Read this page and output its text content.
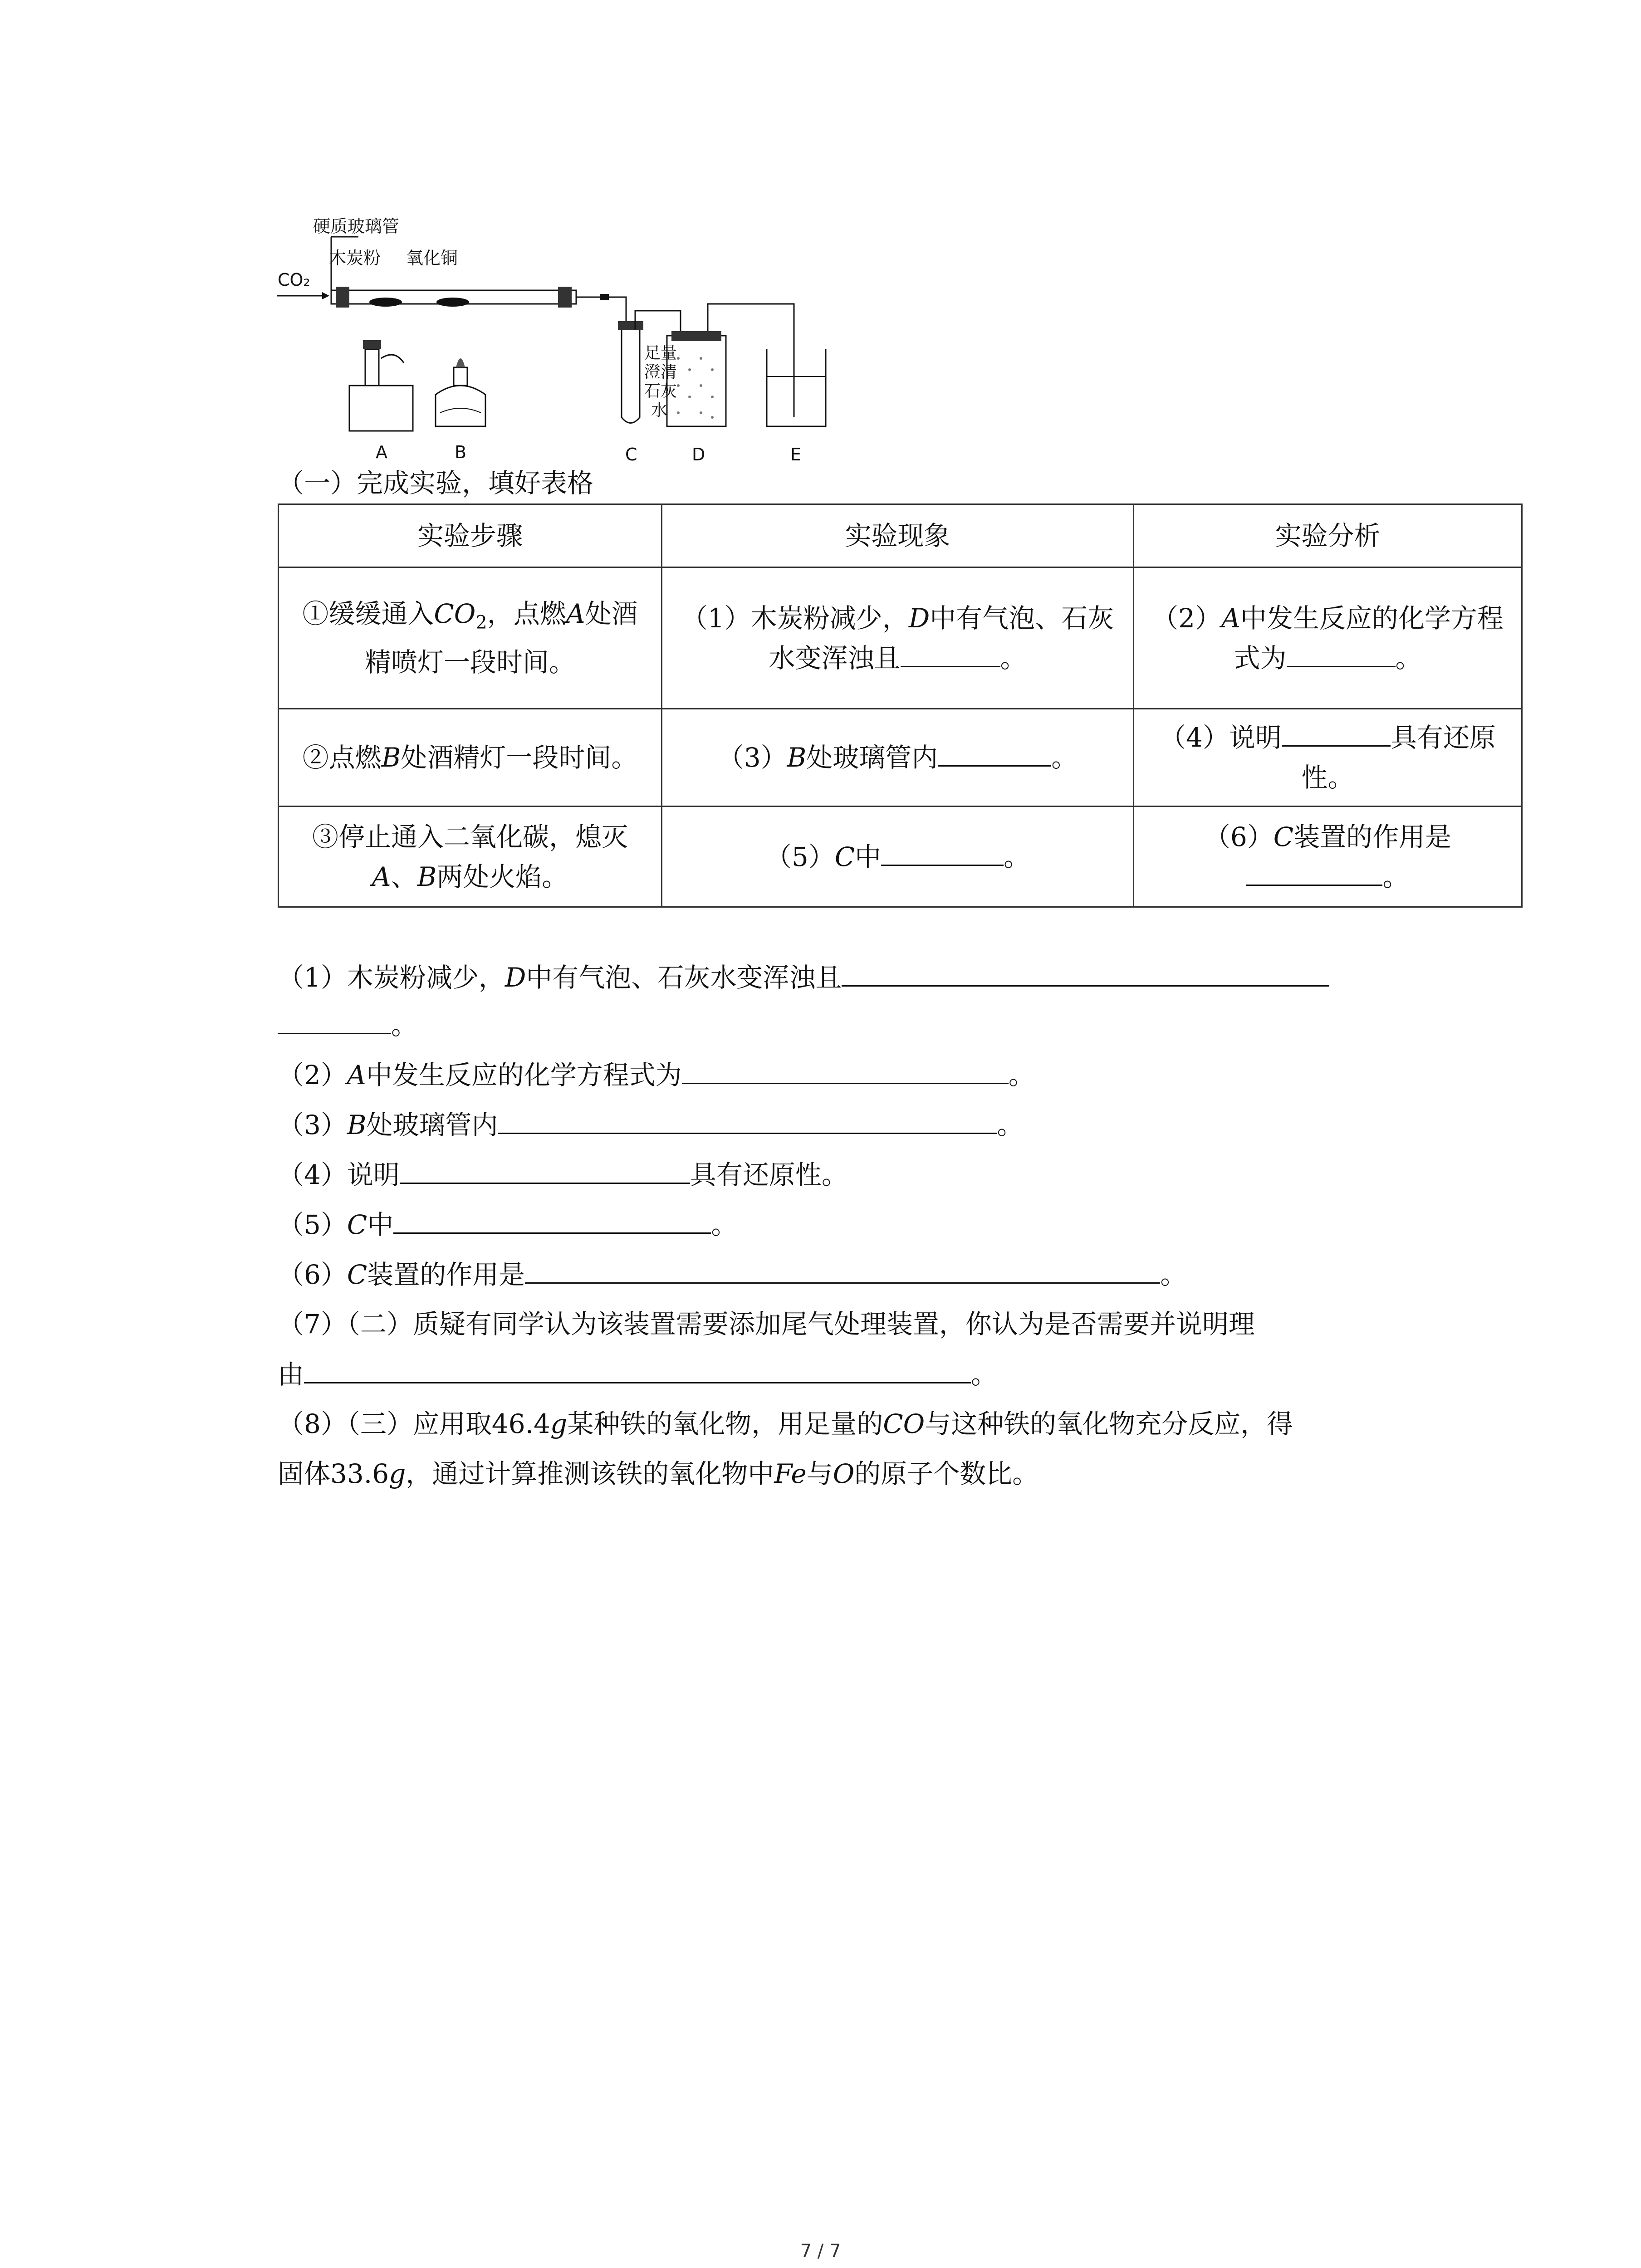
硬质玻璃管
木炭粉 氧化铜
CO₂
足量
澄清
石灰
水
A	B	C	D	E
（一）完成实验，填好表格
实验步骤	实验现象	实验分析
①缓缓通入$CO_2$，点燃A处酒精喷灯一段时间。	（1）木炭粉减少，D中有气泡、石灰水变浑浊且 。	（2）A中发生反应的化学方程式为 。
②点燃B处酒精灯一段时间。	（3）B处玻璃管内 。	（4）说明 具有还原性。
③停止通入二氧化碳，熄灭A、B两处火焰。	（5）C中 。	（6）C装置的作用是。
（1）木炭粉减少，D中有气泡、石灰水变浑浊且
。
（2）A中发生反应的化学方程式为	。
（3）B处玻璃管内	。
（4）说明	具有还原性。
（5）C中	。
（6）C装置的作用是	。
（7）（二）质疑有同学认为该装置需要添加尾气处理装置，你认为是否需要并说明理
由	。
（8）（三）应用取46.4g某种铁的氧化物，用足量的CO与这种铁的氧化物充分反应，得
固体33.6g，通过计算推测该铁的氧化物中Fe与O的原子个数比。
7 / 7
